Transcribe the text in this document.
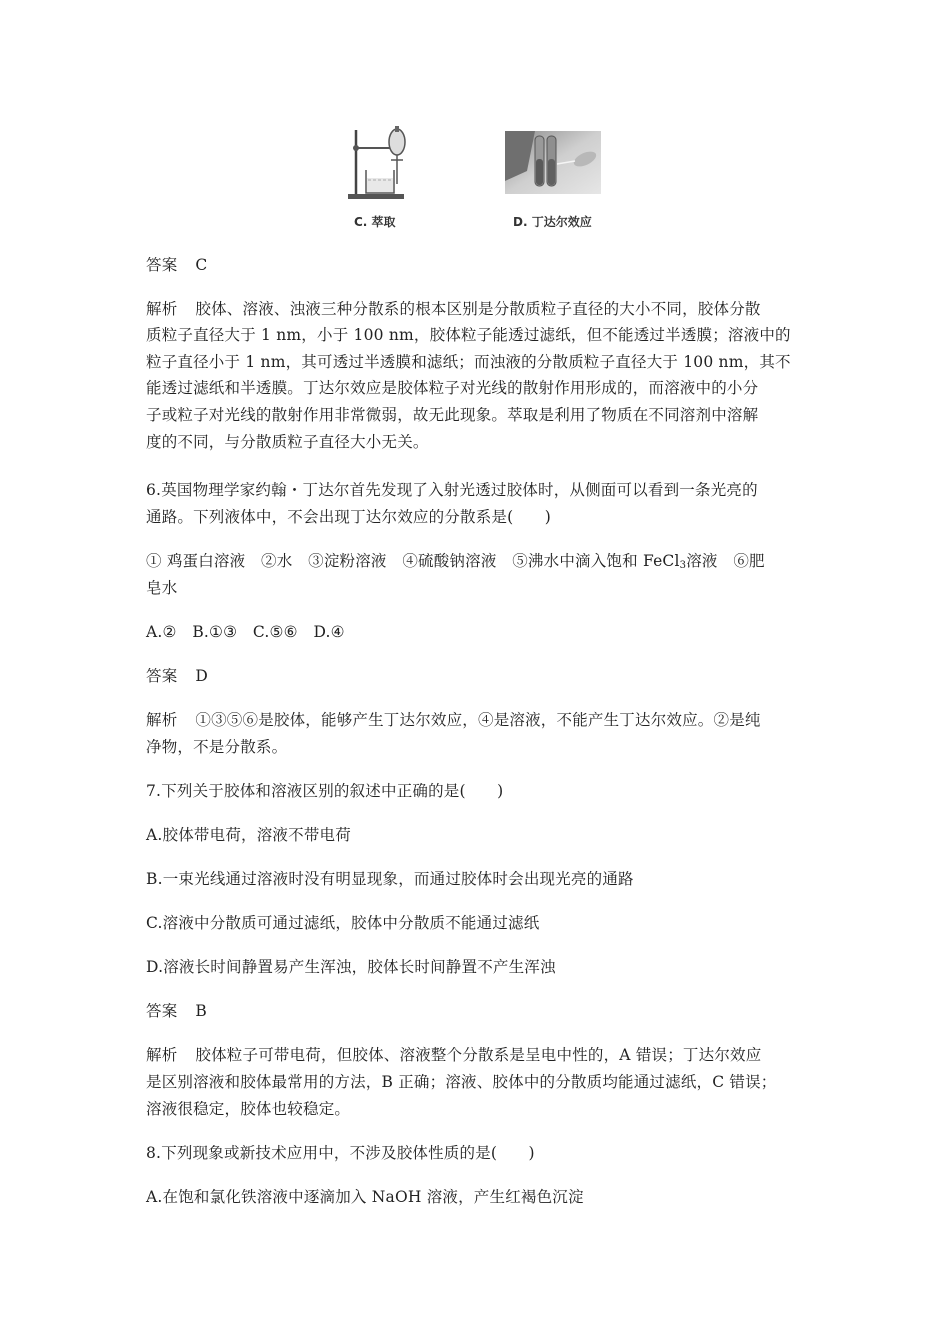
C. 萃取	D. 丁达尔效应
答案 C
解析 胶体、溶液、浊液三种分散系的根本区别是分散质粒子直径的大小不同，胶体分散
质粒子直径大于 1 nm，小于 100 nm，胶体粒子能透过滤纸，但不能透过半透膜；溶液中的
粒子直径小于 1 nm，其可透过半透膜和滤纸；而浊液的分散质粒子直径大于 100 nm，其不
能透过滤纸和半透膜。丁达尔效应是胶体粒子对光线的散射作用形成的，而溶液中的小分
子或粒子对光线的散射作用非常微弱，故无此现象。萃取是利用了物质在不同溶剂中溶解
度的不同，与分散质粒子直径大小无关。
6.英国物理学家约翰・丁达尔首先发现了入射光透过胶体时，从侧面可以看到一条光亮的
通路。下列液体中，不会出现丁达尔效应的分散系是(　　)
① 鸡蛋白溶液　②水　③淀粉溶液　④硫酸钠溶液　⑤沸水中滴入饱和 FeCl$_3$溶液　⑥肥
皂水
A.②　B.①③　C.⑤⑥　D.④
答案 D
解析 ①③⑤⑥是胶体，能够产生丁达尔效应，④是溶液，不能产生丁达尔效应。②是纯
净物，不是分散系。
7.下列关于胶体和溶液区别的叙述中正确的是(　　)
A.胶体带电荷，溶液不带电荷
B.一束光线通过溶液时没有明显现象，而通过胶体时会出现光亮的通路
C.溶液中分散质可通过滤纸，胶体中分散质不能通过滤纸
D.溶液长时间静置易产生浑浊，胶体长时间静置不产生浑浊
答案 B
解析 胶体粒子可带电荷，但胶体、溶液整个分散系是呈电中性的，A 错误；丁达尔效应
是区别溶液和胶体最常用的方法，B 正确；溶液、胶体中的分散质均能通过滤纸，C 错误；
溶液很稳定，胶体也较稳定。
8.下列现象或新技术应用中，不涉及胶体性质的是(　　)
A.在饱和氯化铁溶液中逐滴加入 NaOH 溶液，产生红褐色沉淀
